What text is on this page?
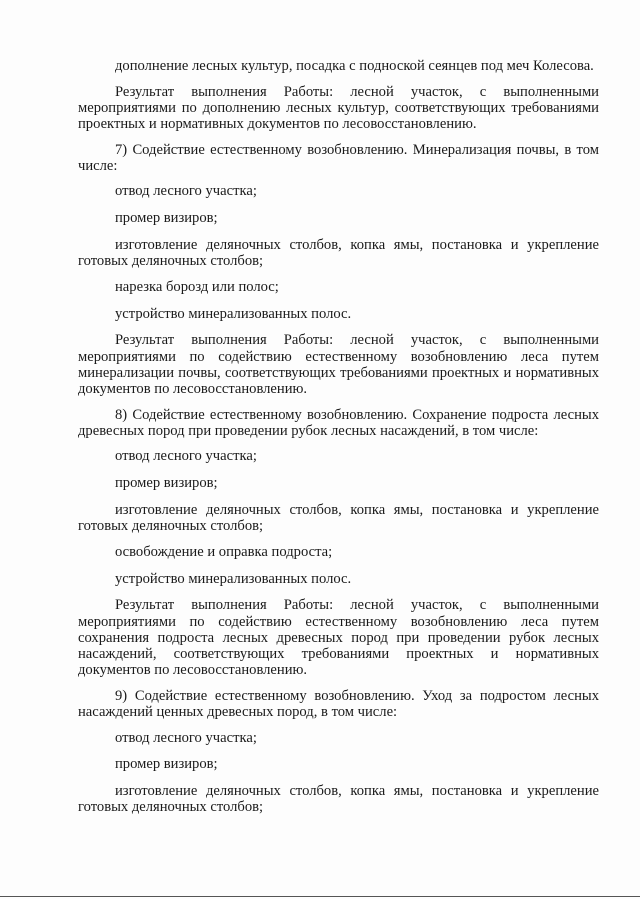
дополнение лесных культур, посадка с подноской сеянцев под меч Колесова.

Результат выполнения Работы: лесной участок, с выполненными мероприятиями по дополнению лесных культур, соответствующих требованиями проектных и нормативных документов по лесовосстановлению.

7) Содействие естественному возобновлению. Минерализация почвы, в том числе:

отвод лесного участка;

промер визиров;

изготовление деляночных столбов, копка ямы, постановка и укрепление готовых деляночных столбов;

нарезка борозд или полос;

устройство минерализованных полос.

Результат выполнения Работы: лесной участок, с выполненными мероприятиями по содействию естественному возобновлению леса путем минерализации почвы, соответствующих требованиями проектных и нормативных документов по лесовосстановлению.

8) Содействие естественному возобновлению. Сохранение подроста лесных древесных пород при проведении рубок лесных насаждений, в том числе:

отвод лесного участка;

промер визиров;

изготовление деляночных столбов, копка ямы, постановка и укрепление готовых деляночных столбов;

освобождение и оправка подроста;

устройство минерализованных полос.

Результат выполнения Работы: лесной участок, с выполненными мероприятиями по содействию естественному возобновлению леса путем сохранения подроста лесных древесных пород при проведении рубок лесных насаждений, соответствующих требованиями проектных и нормативных документов по лесовосстановлению.

9) Содействие естественному возобновлению. Уход за подростом лесных насаждений ценных древесных пород, в том числе:

отвод лесного участка;

промер визиров;

изготовление деляночных столбов, копка ямы, постановка и укрепление готовых деляночных столбов;
